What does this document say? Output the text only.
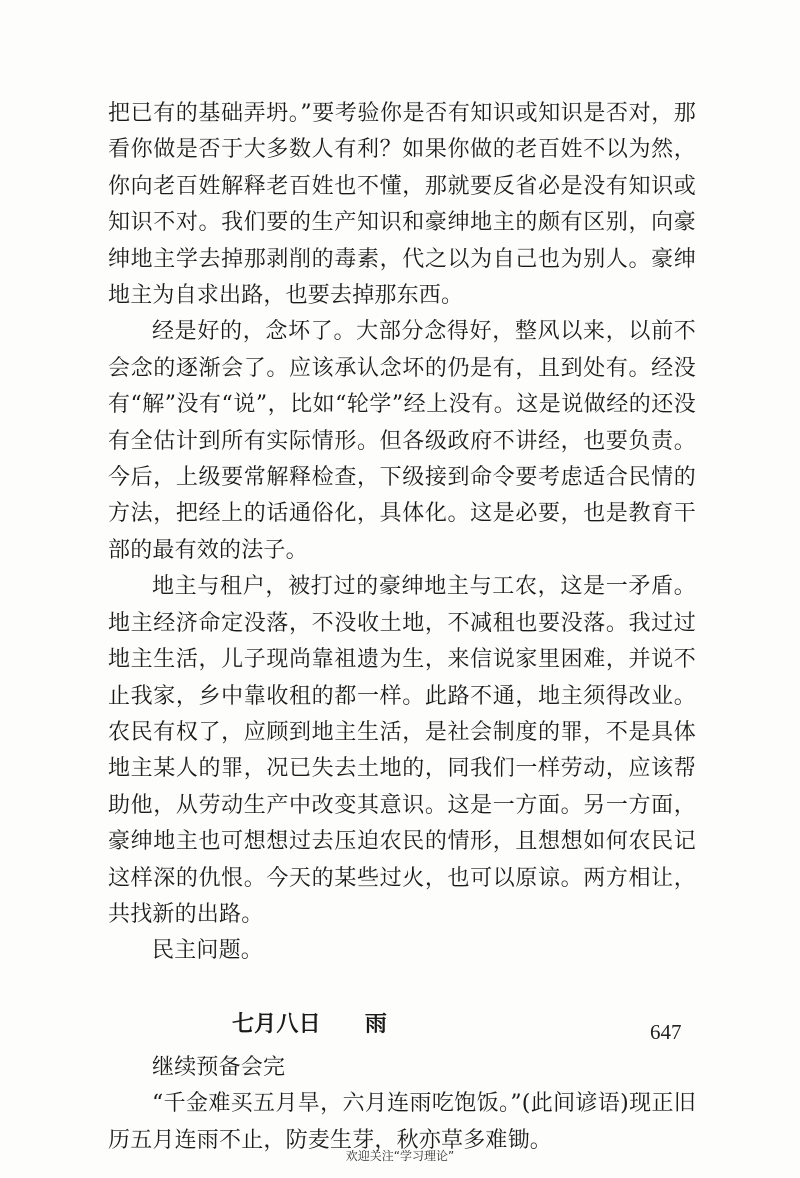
把已有的基础弄坍。”要考验你是否有知识或知识是否对，那看你做是否于大多数人有利？如果你做的老百姓不以为然，你向老百姓解释老百姓也不懂，那就要反省必是没有知识或知识不对。我们要的生产知识和豪绅地主的颇有区别，向豪绅地主学去掉那剥削的毒素，代之以为自己也为别人。豪绅地主为自求出路，也要去掉那东西。

经是好的，念坏了。大部分念得好，整风以来，以前不会念的逐渐会了。应该承认念坏的仍是有，且到处有。经没有“解”没有“说”，比如“轮学”经上没有。这是说做经的还没有全估计到所有实际情形。但各级政府不讲经，也要负责。今后，上级要常解释检查，下级接到命令要考虑适合民情的方法，把经上的话通俗化，具体化。这是必要，也是教育干部的最有效的法子。

地主与租户，被打过的豪绅地主与工农，这是一矛盾。地主经济命定没落，不没收土地，不减租也要没落。我过过地主生活，儿子现尚靠祖遗为生，来信说家里困难，并说不止我家，乡中靠收租的都一样。此路不通，地主须得改业。农民有权了，应顾到地主生活，是社会制度的罪，不是具体地主某人的罪，况已失去土地的，同我们一样劳动，应该帮助他，从劳动生产中改变其意识。这是一方面。另一方面，豪绅地主也可想想过去压迫农民的情形，且想想如何农民记这样深的仇恨。今天的某些过火，也可以原谅。两方相让，共找新的出路。

民主问题。

七月八日 雨

继续预备会完

“千金难买五月旱，六月连雨吃饱饭。”(此间谚语)现正旧历五月连雨不止，防麦生芽，秋亦草多难锄。

647
欢迎关注“学习理论”
